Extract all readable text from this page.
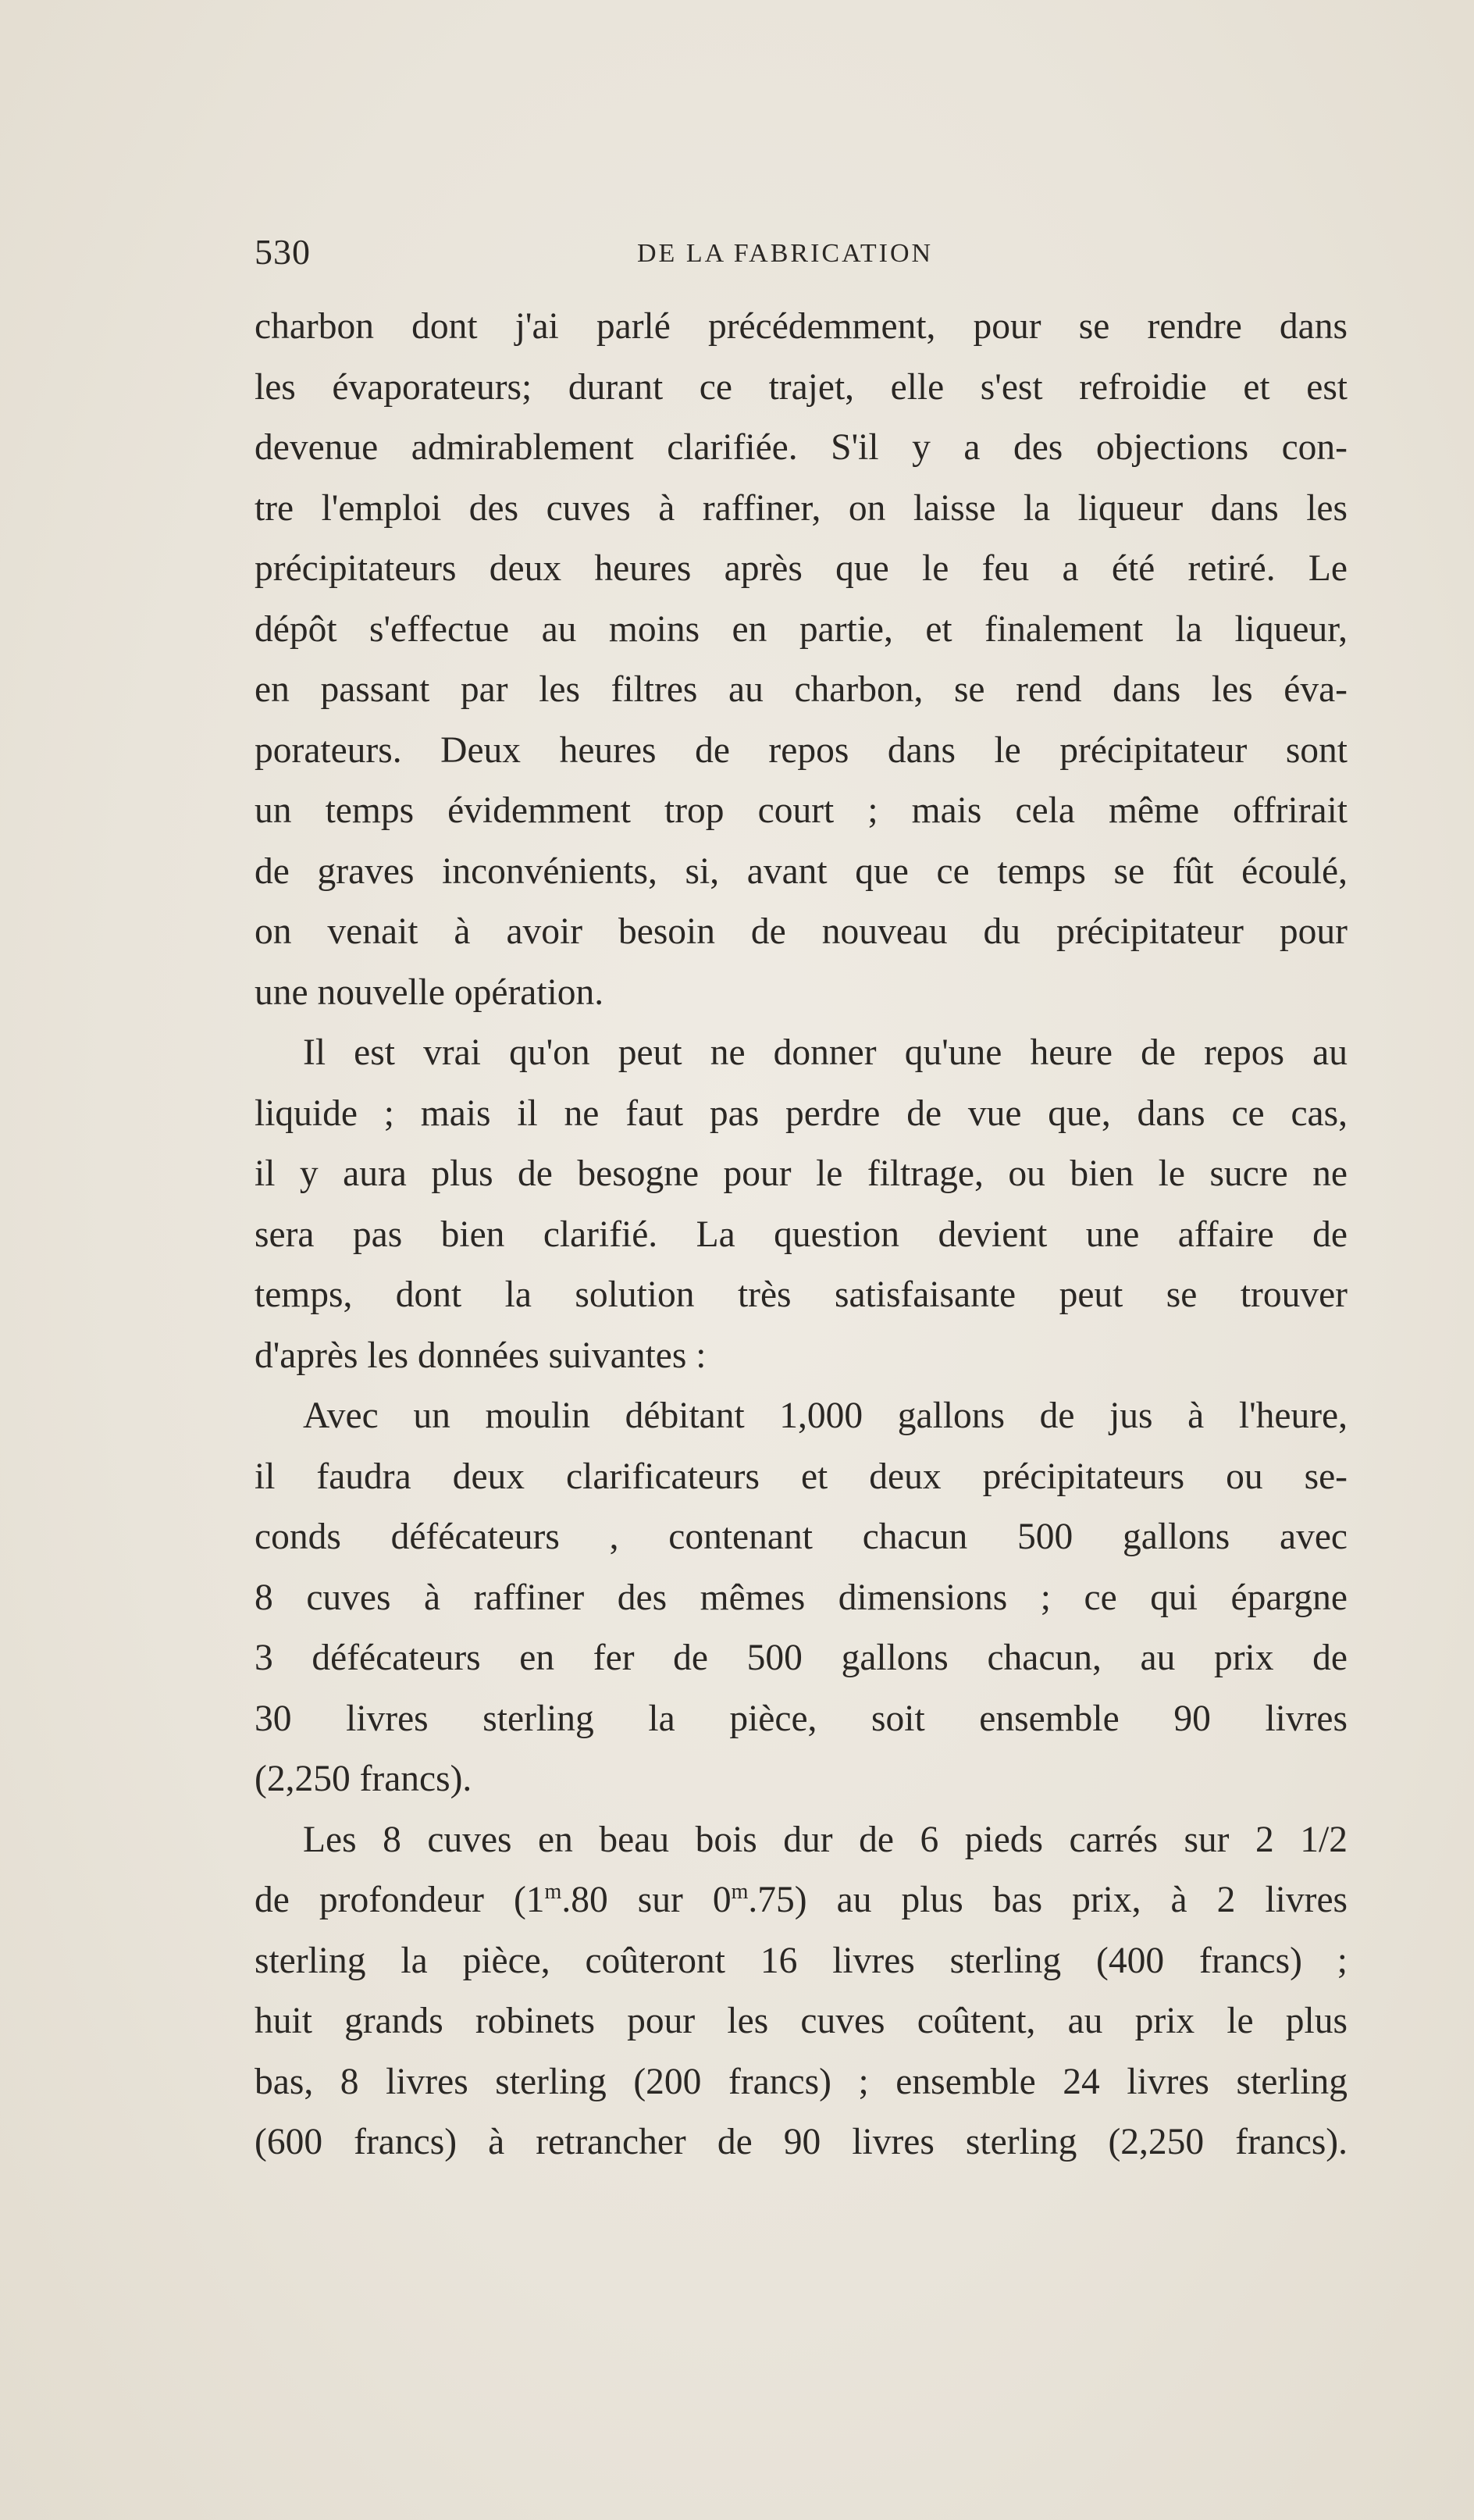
530	DE LA FABRICATION
charbon dont j'ai parlé précédemment, pour se rendre dans
les évaporateurs; durant ce trajet, elle s'est refroidie et est
devenue admirablement clarifiée. S'il y a des objections con-
tre l'emploi des cuves à raffiner, on laisse la liqueur dans les
précipitateurs deux heures après que le feu a été retiré. Le
dépôt s'effectue au moins en partie, et finalement la liqueur,
en passant par les filtres au charbon, se rend dans les éva-
porateurs. Deux heures de repos dans le précipitateur sont
un temps évidemment trop court ; mais cela même offrirait
de graves inconvénients, si, avant que ce temps se fût écoulé,
on venait à avoir besoin de nouveau du précipitateur pour
une nouvelle opération.
Il est vrai qu'on peut ne donner qu'une heure de repos au
liquide ; mais il ne faut pas perdre de vue que, dans ce cas,
il y aura plus de besogne pour le filtrage, ou bien le sucre ne
sera pas bien clarifié. La question devient une affaire de
temps, dont la solution très satisfaisante peut se trouver
d'après les données suivantes :
Avec un moulin débitant 1,000 gallons de jus à l'heure,
il faudra deux clarificateurs et deux précipitateurs ou se-
conds défécateurs , contenant chacun 500 gallons avec
8 cuves à raffiner des mêmes dimensions ; ce qui épargne
3 défécateurs en fer de 500 gallons chacun, au prix de
30 livres sterling la pièce, soit ensemble 90 livres
(2,250 francs).
Les 8 cuves en beau bois dur de 6 pieds carrés sur 2 1/2
de profondeur (1$^m$.80 sur 0$^m$.75) au plus bas prix, à 2 livres
sterling la pièce, coûteront 16 livres sterling (400 francs) ;
huit grands robinets pour les cuves coûtent, au prix le plus
bas, 8 livres sterling (200 francs) ; ensemble 24 livres sterling
(600 francs) à retrancher de 90 livres sterling (2,250 francs).
